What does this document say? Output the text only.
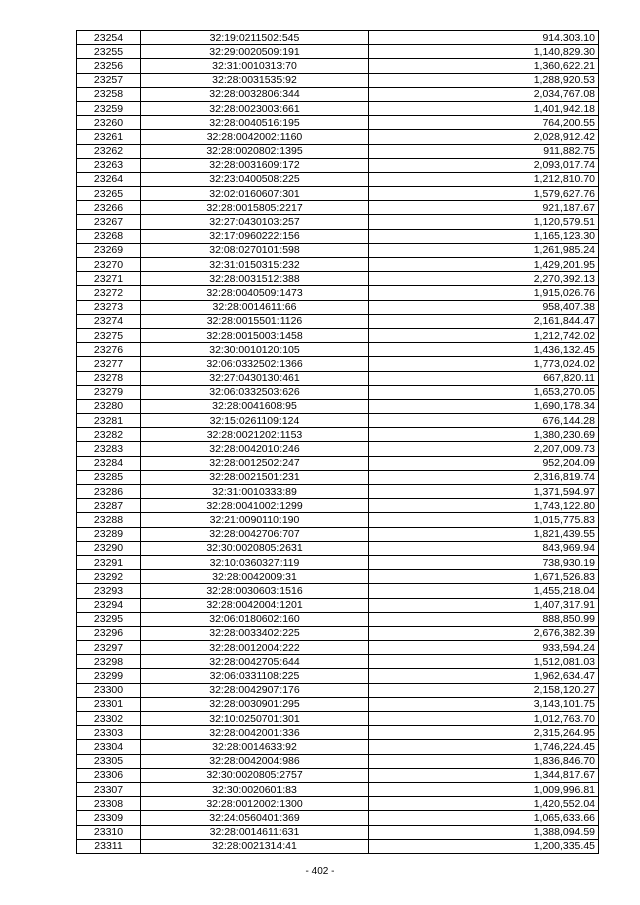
23254	32:19:0211502:545	914.303.10
23255	32:29:0020509:191	1,140,829.30
23256	32:31:0010313:70	1,360,622.21
23257	32:28:0031535:92	1,288,920.53
23258	32:28:0032806:344	2,034,767.08
23259	32:28:0023003:661	1,401,942.18
23260	32:28:0040516:195	764,200.55
23261	32:28:0042002:1160	2,028,912.42
23262	32:28:0020802:1395	911,882.75
23263	32:28:0031609:172	2,093,017.74
23264	32:23:0400508:225	1,212,810.70
23265	32:02:0160607:301	1,579,627.76
23266	32:28:0015805:2217	921,187.67
23267	32:27:0430103:257	1,120,579.51
23268	32:17:0960222:156	1,165,123.30
23269	32:08:0270101:598	1,261,985.24
23270	32:31:0150315:232	1,429,201.95
23271	32:28:0031512:388	2,270,392.13
23272	32:28:0040509:1473	1,915,026.76
23273	32:28:0014611:66	958,407.38
23274	32:28:0015501:1126	2,161,844.47
23275	32:28:0015003:1458	1,212,742.02
23276	32:30:0010120:105	1,436,132.45
23277	32:06:0332502:1366	1,773,024.02
23278	32:27:0430130:461	667,820.11
23279	32:06:0332503:626	1,653,270.05
23280	32:28:0041608:95	1,690,178.34
23281	32:15:0261109:124	676,144.28
23282	32:28:0021202:1153	1,380,230.69
23283	32:28:0042010:246	2,207,009.73
23284	32:28:0012502:247	952,204.09
23285	32:28:0021501:231	2,316,819.74
23286	32:31:0010333:89	1,371,594.97
23287	32:28:0041002:1299	1,743,122.80
23288	32:21:0090110:190	1,015,775.83
23289	32:28:0042706:707	1,821,439.55
23290	32:30:0020805:2631	843,969.94
23291	32:10:0360327:119	738,930.19
23292	32:28:0042009:31	1,671,526.83
23293	32:28:0030603:1516	1,455,218.04
23294	32:28:0042004:1201	1,407,317.91
23295	32:06:0180602:160	888,850.99
23296	32:28:0033402:225	2,676,382.39
23297	32:28:0012004:222	933,594.24
23298	32:28:0042705:644	1,512,081.03
23299	32:06:0331108:225	1,962,634.47
23300	32:28:0042907:176	2,158,120.27
23301	32:28:0030901:295	3,143,101.75
23302	32:10:0250701:301	1,012,763.70
23303	32:28:0042001:336	2,315,264.95
23304	32:28:0014633:92	1,746,224.45
23305	32:28:0042004:986	1,836,846.70
23306	32:30:0020805:2757	1,344,817.67
23307	32:30:0020601:83	1,009,996.81
23308	32:28:0012002:1300	1,420,552.04
23309	32:24:0560401:369	1,065,633.66
23310	32:28:0014611:631	1,388,094.59
23311	32:28:0021314:41	1,200,335.45
- 402 -
